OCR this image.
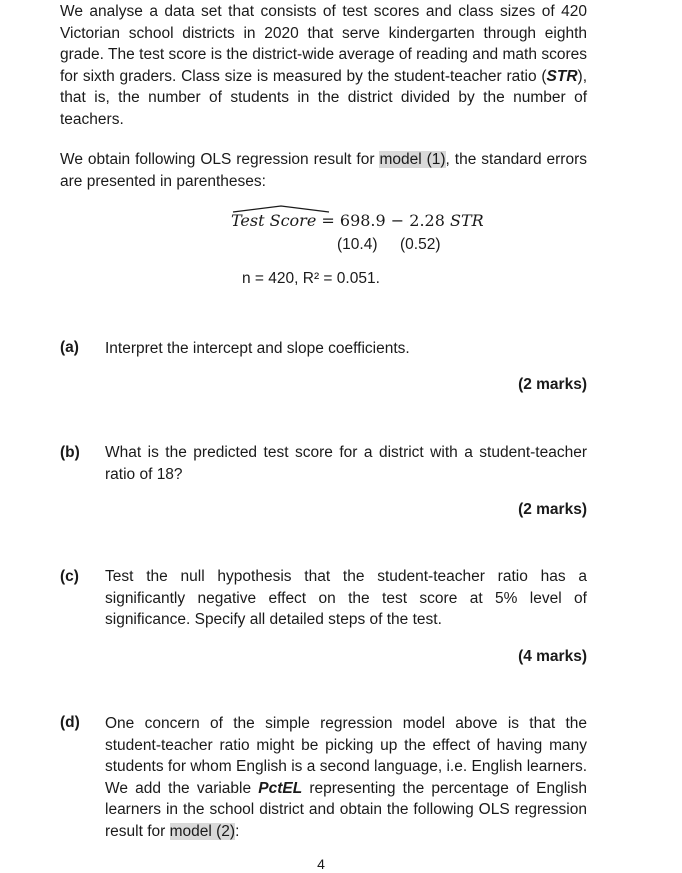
We analyse a data set that consists of test scores and class sizes of 420 Victorian school districts in 2020 that serve kindergarten through eighth grade. The test score is the district-wide average of reading and math scores for sixth graders. Class size is measured by the student-teacher ratio (STR), that is, the number of students in the district divided by the number of teachers.

We obtain following OLS regression result for model (1), the standard errors are presented in parentheses:

Test Score = 698.9 − 2.28 STR
(10.4) (0.52)
n = 420, R² = 0.051.
(a) Interpret the intercept and slope coefficients.

(2 marks)
(b) What is the predicted test score for a district with a student-teacher ratio of 18?

(2 marks)
(c) Test the null hypothesis that the student-teacher ratio has a significantly negative effect on the test score at 5% level of significance. Specify all detailed steps of the test.

(4 marks)
(d) One concern of the simple regression model above is that the student-teacher ratio might be picking up the effect of having many students for whom English is a second language, i.e. English learners. We add the variable PctEL representing the percentage of English learners in the school district and obtain the following OLS regression result for model (2):

4
